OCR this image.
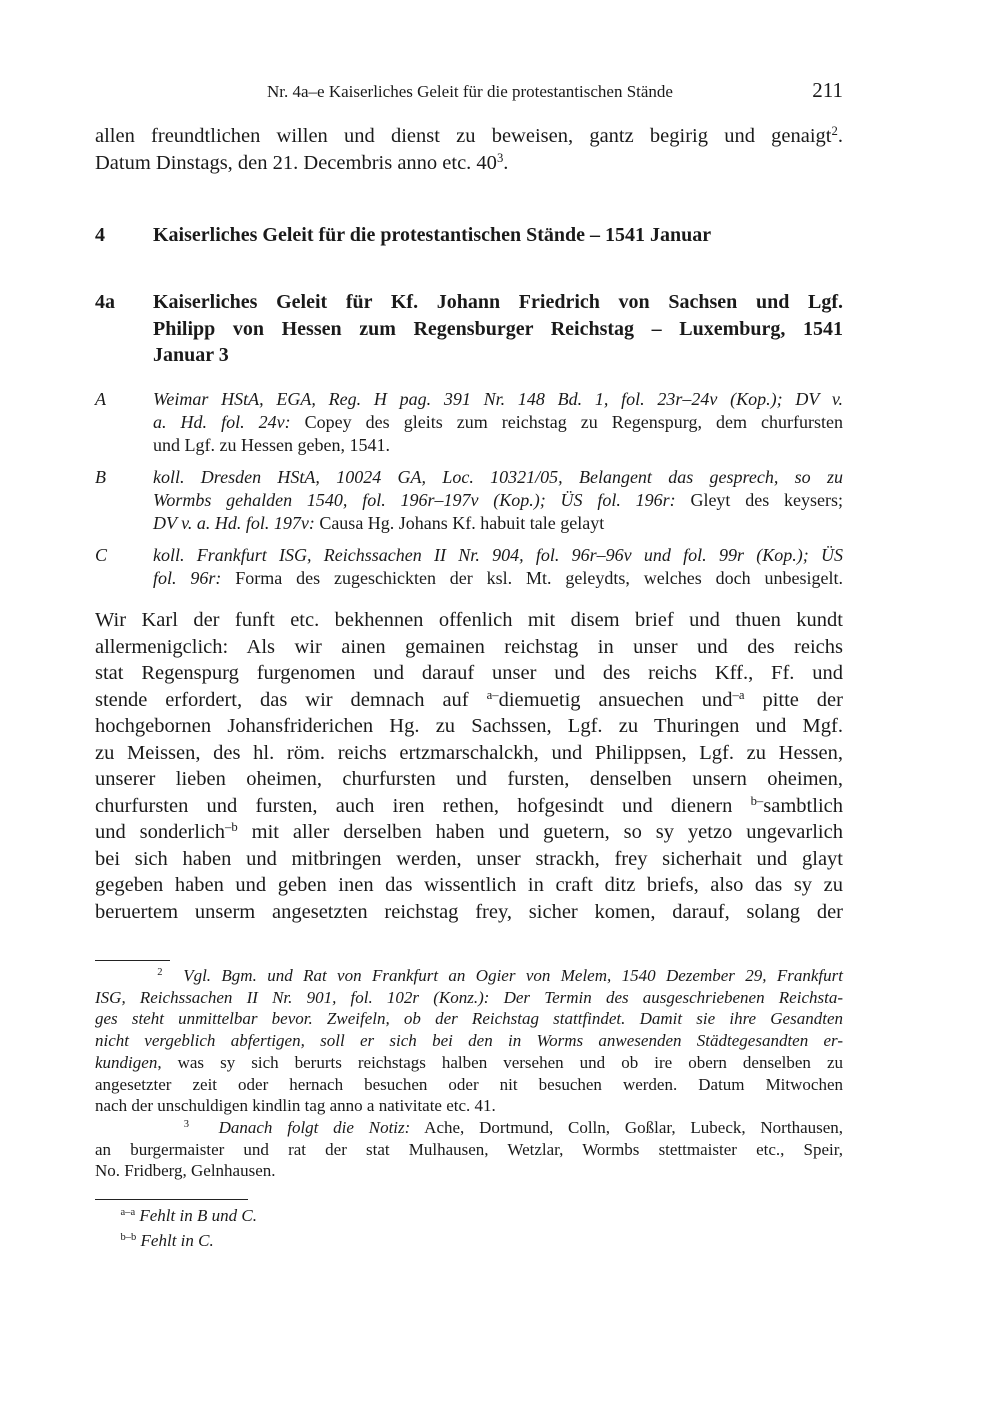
Nr. 4a–e Kaiserliches Geleit für die protestantischen Stände	211
allen freundtlichen willen und dienst zu beweisen, gantz begirig und genaigt$^2$.
Datum Dinstags, den 21. Decembris anno etc. $40^3$.
4 Kaiserliches Geleit für die protestantischen Stände – 1541 Januar
4a Kaiserliches Geleit für Kf. Johann Friedrich von Sachsen und Lgf.
Philipp von Hessen zum Regensburger Reichstag – Luxemburg, 1541
Januar 3
A	Weimar HStA, EGA, Reg. H pag. 391 Nr. 148 Bd. 1, fol. 23r–24v (Kop.); DV v.
a. Hd. fol. 24v: Copey des gleits zum reichstag zu Regenspurg, dem churfursten
und Lgf. zu Hessen geben, 1541.
B	koll. Dresden HStA, 10024 GA, Loc. 10321/05, Belangent das gesprech, so zu
Wormbs gehalden 1540, fol. 196r–197v (Kop.); ÜS fol. 196r: Gleyt des keysers;
DV v. a. Hd. fol. 197v: Causa Hg. Johans Kf. habuit tale gelayt
C	koll. Frankfurt ISG, Reichssachen II Nr. 904, fol. 96r–96v und fol. 99r (Kop.); ÜS
fol. 96r: Forma des zugeschickten der ksl. Mt. geleydts, welches doch unbesigelt.
Wir Karl der funft etc. bekhennen offenlich mit disem brief und thuen kundt
allermenigclich: Als wir ainen gemainen reichstag in unser und des reichs
stat Regenspurg furgenomen und darauf unser und des reichs Kff., Ff. und
stende erfordert, das wir demnach auf $^{a-}$diemuetig ansuechen und$^{-a}$ pitte der
hochgebornen Johansfriderichen Hg. zu Sachssen, Lgf. zu Thuringen und Mgf.
zu Meissen, des hl. röm. reichs ertzmarschalckh, und Philippsen, Lgf. zu Hessen,
unserer lieben oheimen, churfursten und fursten, denselben unsern oheimen,
churfursten und fursten, auch iren rethen, hofgesindt und dienern $^{b-}$sambtlich
und sonderlich$^{-b}$ mit aller derselben haben und guetern, so sy yetzo ungevarlich
bei sich haben und mitbringen werden, unser strackh, frey sicherhait und glayt
gegeben haben und geben inen das wissentlich in craft ditz briefs, also das sy zu
beruertem unserm angesetzten reichstag frey, sicher komen, darauf, solang der
$^2$ Vgl. Bgm. und Rat von Frankfurt an Ogier von Melem, 1540 Dezember 29, Frankfurt
ISG, Reichssachen II Nr. 901, fol. 102r (Konz.): Der Termin des ausgeschriebenen Reichsta-
ges steht unmittelbar bevor. Zweifeln, ob der Reichstag stattfindet. Damit sie ihre Gesandten
nicht vergeblich abfertigen, soll er sich bei den in Worms anwesenden Städtegesandten er-
kundigen, was sy sich berurts reichstags halben versehen und ob ire obern denselben zu
angesetzter zeit oder hernach besuchen oder nit besuchen werden. Datum Mitwochen
nach der unschuldigen kindlin tag anno a nativitate etc. 41.
$^3$ Danach folgt die Notiz: Ache, Dortmund, Colln, Goßlar, Lubeck, Northausen,
an burgermaister und rat der stat Mulhausen, Wetzlar, Wormbs stettmaister etc., Speir,
No. Fridberg, Gelnhausen.
$^{a-a}$ Fehlt in B und C.
$^{b-b}$ Fehlt in C.
